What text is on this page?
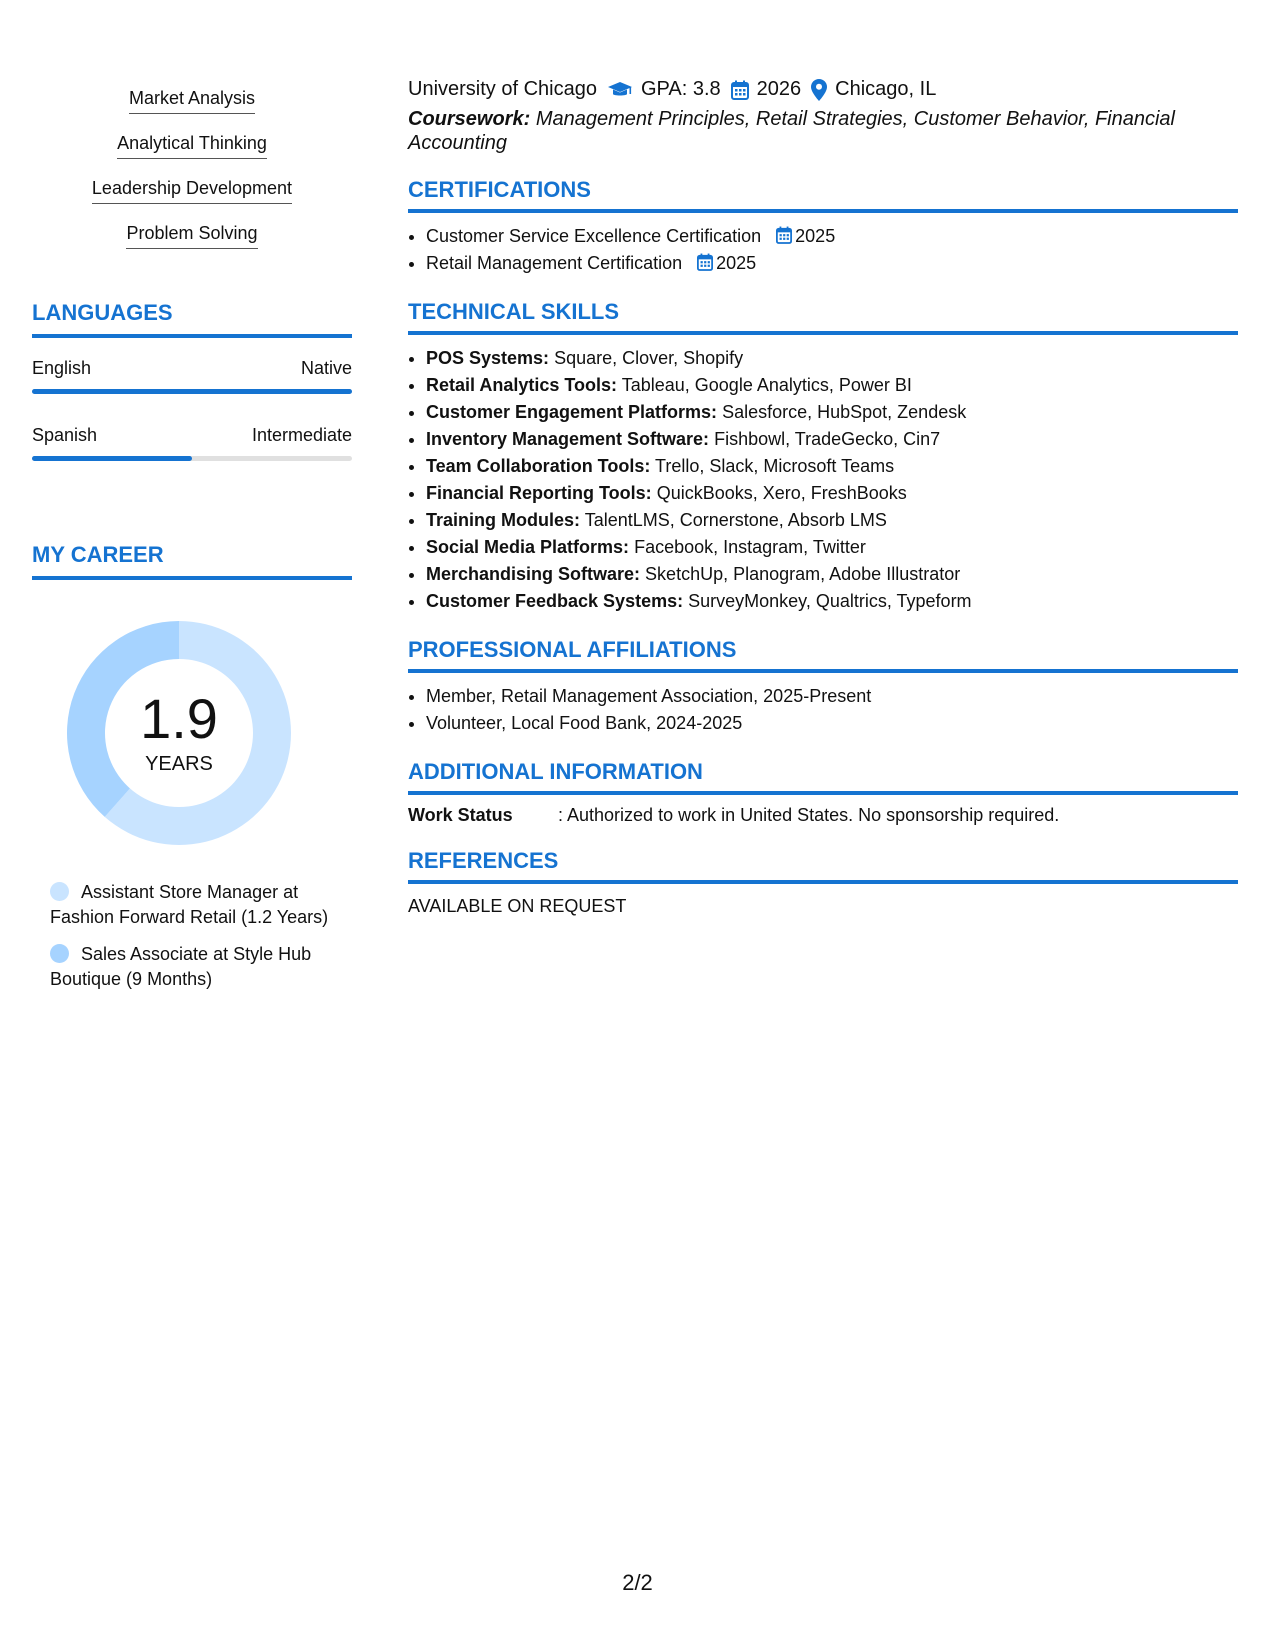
Market Analysis
Analytical Thinking
Leadership Development
Problem Solving
LANGUAGES
English	Native
Spanish	Intermediate
MY CAREER
1.9
YEARS
Assistant Store Manager at Fashion Forward Retail (1.2 Years)
Sales Associate at Style Hub Boutique (9 Months)
University of Chicago GPA: 3.8 2026 Chicago, IL
Coursework: Management Principles, Retail Strategies, Customer Behavior, Financial Accounting
CERTIFICATIONS
• Customer Service Excellence Certification 2025
• Retail Management Certification 2025
TECHNICAL SKILLS
• POS Systems: Square, Clover, Shopify
• Retail Analytics Tools: Tableau, Google Analytics, Power BI
• Customer Engagement Platforms: Salesforce, HubSpot, Zendesk
• Inventory Management Software: Fishbowl, TradeGecko, Cin7
• Team Collaboration Tools: Trello, Slack, Microsoft Teams
• Financial Reporting Tools: QuickBooks, Xero, FreshBooks
• Training Modules: TalentLMS, Cornerstone, Absorb LMS
• Social Media Platforms: Facebook, Instagram, Twitter
• Merchandising Software: SketchUp, Planogram, Adobe Illustrator
• Customer Feedback Systems: SurveyMonkey, Qualtrics, Typeform
PROFESSIONAL AFFILIATIONS
• Member, Retail Management Association, 2025-Present
• Volunteer, Local Food Bank, 2024-2025
ADDITIONAL INFORMATION
Work Status	: Authorized to work in United States. No sponsorship required.
REFERENCES
AVAILABLE ON REQUEST
2/2
